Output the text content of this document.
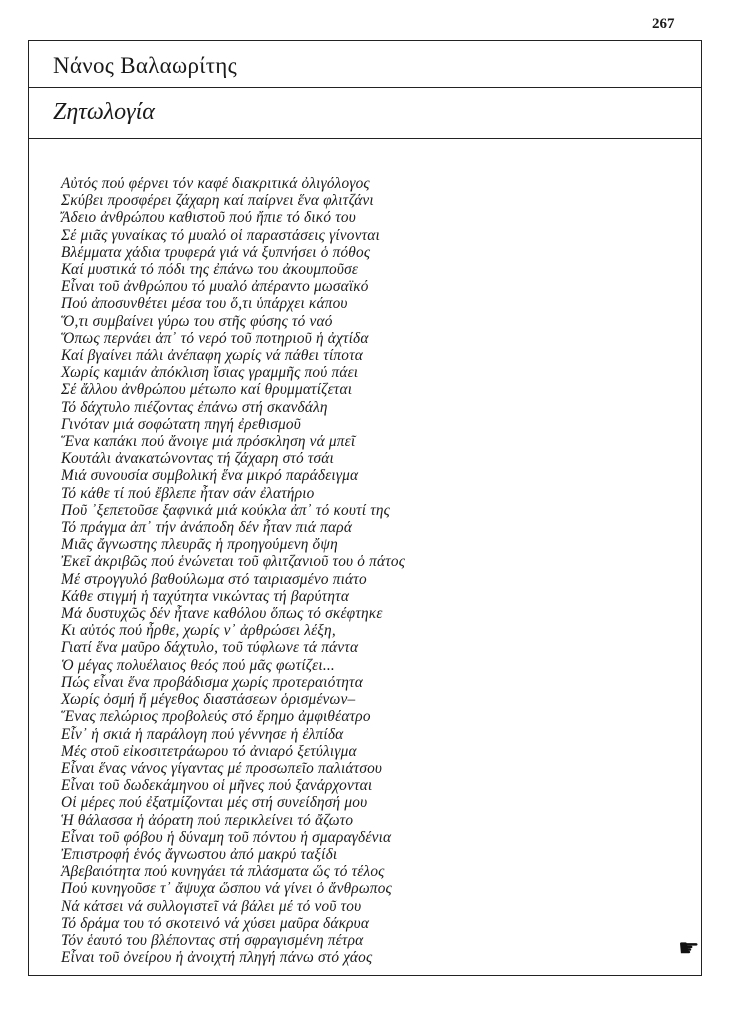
267
Νάνος Βαλαωρίτης
Ζητωλογία
Αὐτός πού φέρνει τόν καφέ διακριτικά ὀλιγόλογος
Σκύβει προσφέρει ζάχαρη καί παίρνει ἕνα φλιτζάνι
Ἄδειο ἀνθρώπου καθιστοῦ πού ἤπιε τό δικό του
Σέ μιᾶς γυναίκας τό μυαλό οἱ παραστάσεις γίνονται
Βλέμματα χάδια τρυφερά γιά νά ξυπνήσει ὁ πόθος
Καί μυστικά τό πόδι της ἐπάνω του ἀκουμποῦσε
Εἶναι τοῦ ἀνθρώπου τό μυαλό ἀπέραντο μωσαϊκό
Πού ἀποσυνθέτει μέσα του ὅ,τι ὑπάρχει κάπου
Ὅ,τι συμβαίνει γύρω του στῆς φύσης τό ναό
Ὅπως περνάει ἀπ᾿ τό νερό τοῦ ποτηριοῦ ἡ ἀχτίδα
Καί βγαίνει πάλι ἀνέπαφη χωρίς νά πάθει τίποτα
Χωρίς καμιάν ἀπόκλιση ἴσιας γραμμῆς πού πάει
Σέ ἄλλου ἀνθρώπου μέτωπο καί θρυμματίζεται
Τό δάχτυλο πιέζοντας ἐπάνω στή σκανδάλη
Γινόταν μιά σοφώτατη πηγή ἐρεθισμοῦ
Ἕνα καπάκι πού ἄνοιγε μιά πρόσκληση νά μπεῖ
Κουτάλι ἀνακατώνοντας τή ζάχαρη στό τσάι
Μιά συνουσία συμβολική ἕνα μικρό παράδειγμα
Τό κάθε τί πού ἔβλεπε ἦταν σάν ἐλατήριο
Ποῦ ᾿ξεπετοῦσε ξαφνικά μιά κούκλα ἀπ᾿ τό κουτί της
Τό πράγμα ἀπ᾿ τήν ἀνάποδη δέν ἦταν πιά παρά
Μιᾶς ἄγνωστης πλευρᾶς ἡ προηγούμενη ὄψη
Ἐκεῖ ἀκριβῶς πού ἑνώνεται τοῦ φλιτζανιοῦ του ὁ πάτος
Μέ στρογγυλό βαθούλωμα στό ταιριασμένο πιάτο
Κάθε στιγμή ἡ ταχύτητα νικώντας τή βαρύτητα
Μά δυστυχῶς δέν ἦτανε καθόλου ὅπως τό σκέφτηκε
Κι αὐτός πού ἦρθε, χωρίς ν᾿ ἀρθρώσει λέξη,
Γιατί ἕνα μαῦρο δάχτυλο, τοῦ τύφλωνε τά πάντα
Ὁ μέγας πολυέλαιος θεός πού μᾶς φωτίζει...
Πώς εἶναι ἕνα προβάδισμα χωρίς προτεραιότητα
Χωρίς ὀσμή ἤ μέγεθος διαστάσεων ὁρισμένων–
Ἕνας πελώριος προβολεύς στό ἔρημο ἀμφιθέατρο
Εἶν᾿ ἡ σκιά ἡ παράλογη πού γέννησε ἡ ἐλπίδα
Μές στοῦ εἰκοσιτετράωρου τό ἀνιαρό ξετύλιγμα
Εἶναι ἕνας νάνος γίγαντας μέ προσωπεῖο παλιάτσου
Εἶναι τοῦ δωδεκάμηνου οἱ μῆνες πού ξανάρχονται
Οἱ μέρες πού ἐξατμίζονται μές στή συνείδησή μου
Ἡ θάλασσα ἡ ἀόρατη πού περικλείνει τό ἄζωτο
Εἶναι τοῦ φόβου ἡ δύναμη τοῦ πόντου ἡ σμαραγδένια
Ἐπιστροφή ἑνός ἄγνωστου ἀπό μακρύ ταξίδι
Ἀβεβαιότητα πού κυνηγάει τά πλάσματα ὥς τό τέλος
Πού κυνηγοῦσε τ᾿ ἄψυχα ὥσπου νά γίνει ὁ ἄνθρωπος
Νά κάτσει νά συλλογιστεῖ νά βάλει μέ τό νοῦ του
Τό δράμα του τό σκοτεινό νά χύσει μαῦρα δάκρυα
Τόν ἑαυτό του βλέποντας στή σφραγισμένη πέτρα
Εἶναι τοῦ ὀνείρου ἡ ἀνοιχτή πληγή πάνω στό χάος	☛
